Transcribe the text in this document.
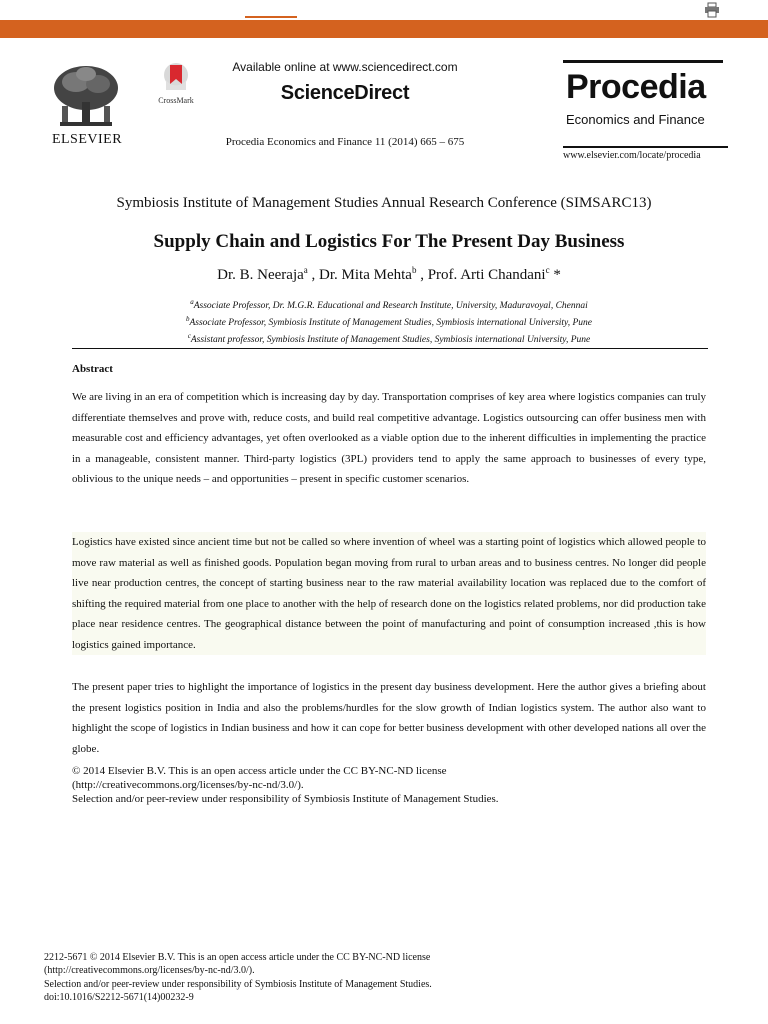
ELSEVIER
CrossMark
Available online at www.sciencedirect.com
ScienceDirect
Procedia Economics and Finance 11 (2014) 665 – 675
Procedia
Economics and Finance
www.elsevier.com/locate/procedia
Symbiosis Institute of Management Studies Annual Research Conference (SIMSARC13)
Supply Chain and Logistics For The Present Day Business
Dr. B. Neeraja$^a$ , Dr. Mita Mehta$^b$ , Prof. Arti Chandani$^c$ *
$^a$Associate Professor, Dr. M.G.R. Educational and Research Institute, University, Maduravoyal, Chennai
$^b$Associate Professor, Symbiosis Institute of Management Studies, Symbiosis international University, Pune
$^c$Assistant professor, Symbiosis Institute of Management Studies, Symbiosis international University, Pune
Abstract
We are living in an era of competition which is increasing day by day. Transportation comprises of key area where logistics companies can truly differentiate themselves and prove with, reduce costs, and build real competitive advantage. Logistics outsourcing can offer business men with measurable cost and efficiency advantages, yet often overlooked as a viable option due to the inherent difficulties in implementing the practice in a manageable, consistent manner. Third-party logistics (3PL) providers tend to apply the same approach to businesses of every type, oblivious to the unique needs – and opportunities – present in specific customer scenarios.
Logistics have existed since ancient time but not be called so where invention of wheel was a starting point of logistics which allowed people to move raw material as well as finished goods. Population began moving from rural to urban areas and to business centres. No longer did people live near production centres, the concept of starting business near to the raw material availability location was replaced due to the comfort of shifting the required material from one place to another with the help of research done on the logistics related problems, nor did production take place near residence centres. The geographical distance between the point of manufacturing and point of consumption increased ,this is how logistics gained importance.
The present paper tries to highlight the importance of logistics in the present day business development. Here the author gives a briefing about the present logistics position in India and also the problems/hurdles for the slow growth of Indian logistics system. The author also want to highlight the scope of logistics in Indian business and how it can cope for better business development with other developed nations all over the globe.
© 2014 Elsevier B.V. This is an open access article under the CC BY-NC-ND license
(http://creativecommons.org/licenses/by-nc-nd/3.0/).
Selection and/or peer-review under responsibility of Symbiosis Institute of Management Studies.
2212-5671 © 2014 Elsevier B.V. This is an open access article under the CC BY-NC-ND license
(http://creativecommons.org/licenses/by-nc-nd/3.0/).
Selection and/or peer-review under responsibility of Symbiosis Institute of Management Studies.
doi:10.1016/S2212-5671(14)00232-9
